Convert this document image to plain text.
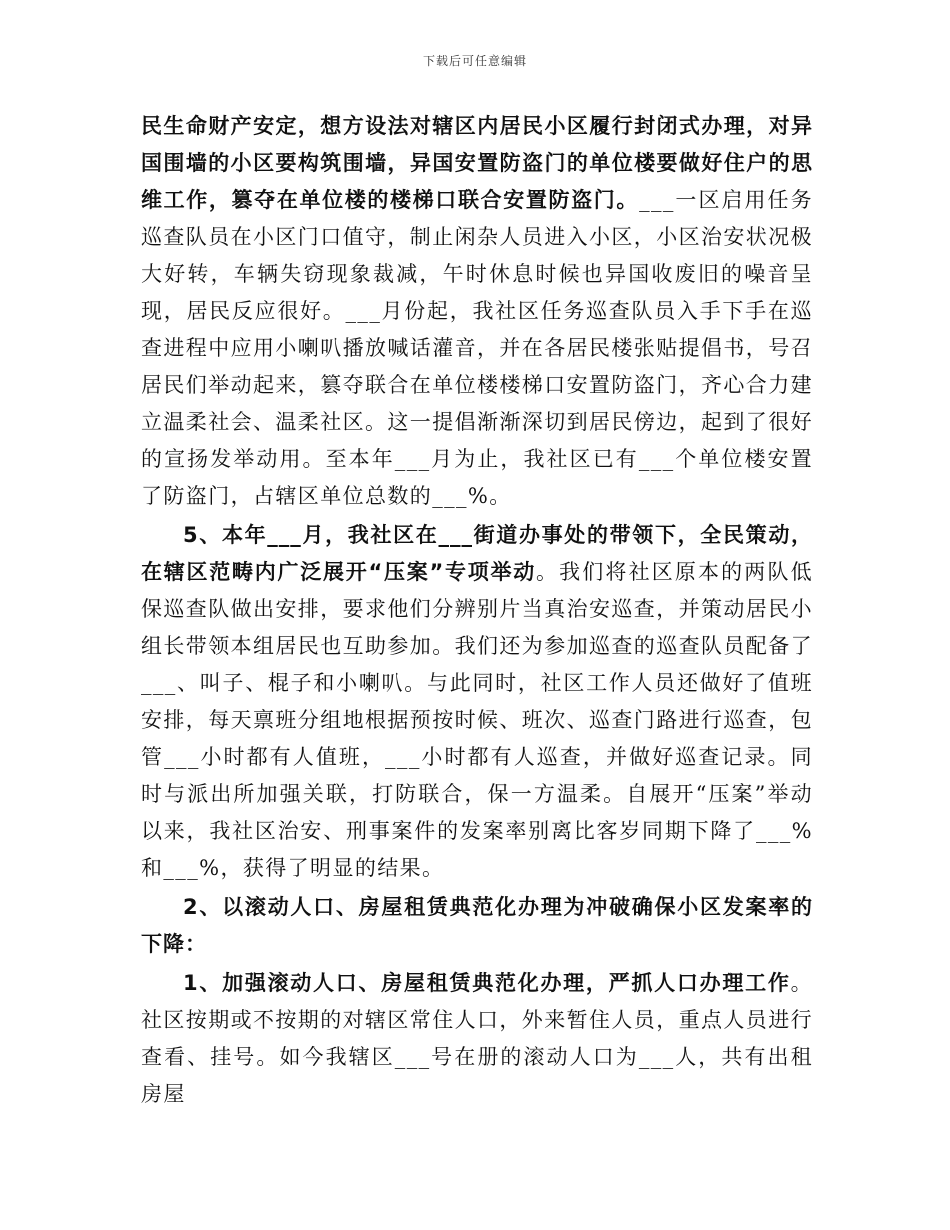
下载后可任意编辑

民生命财产安定，想方设法对辖区内居民小区履行封闭式办理，对异国围墙的小区要构筑围墙，异国安置防盗门的单位楼要做好住户的思维工作，篡夺在单位楼的楼梯口联合安置防盗门。___一区启用任务巡查队员在小区门口值守，制止闲杂人员进入小区，小区治安状况极大好转，车辆失窃现象裁减，午时休息时候也异国收废旧的噪音呈现，居民反应很好。___月份起，我社区任务巡查队员入手下手在巡查进程中应用小喇叭播放喊话灌音，并在各居民楼张贴提倡书，号召居民们举动起来，篡夺联合在单位楼楼梯口安置防盗门，齐心合力建立温柔社会、温柔社区。这一提倡渐渐深切到居民傍边，起到了很好的宣扬发举动用。至本年___月为止，我社区已有___个单位楼安置了防盗门，占辖区单位总数的___%。

5、本年___月，我社区在___街道办事处的带领下，全民策动，在辖区范畴内广泛展开“压案”专项举动。我们将社区原本的两队低保巡查队做出安排，要求他们分辨别片当真治安巡查，并策动居民小组长带领本组居民也互助参加。我们还为参加巡查的巡查队员配备了___、叫子、棍子和小喇叭。与此同时，社区工作人员还做好了值班安排，每天禀班分组地根据预按时候、班次、巡查门路进行巡查，包管___小时都有人值班，___小时都有人巡查，并做好巡查记录。同时与派出所加强关联，打防联合，保一方温柔。自展开“压案”举动以来，我社区治安、刑事案件的发案率别离比客岁同期下降了___%和___%，获得了明显的结果。

2、以滚动人口、房屋租赁典范化办理为冲破确保小区发案率的下降：

1、加强滚动人口、房屋租赁典范化办理，严抓人口办理工作。社区按期或不按期的对辖区常住人口，外来暂住人员，重点人员进行查看、挂号。如今我辖区___号在册的滚动人口为___人，共有出租房屋
